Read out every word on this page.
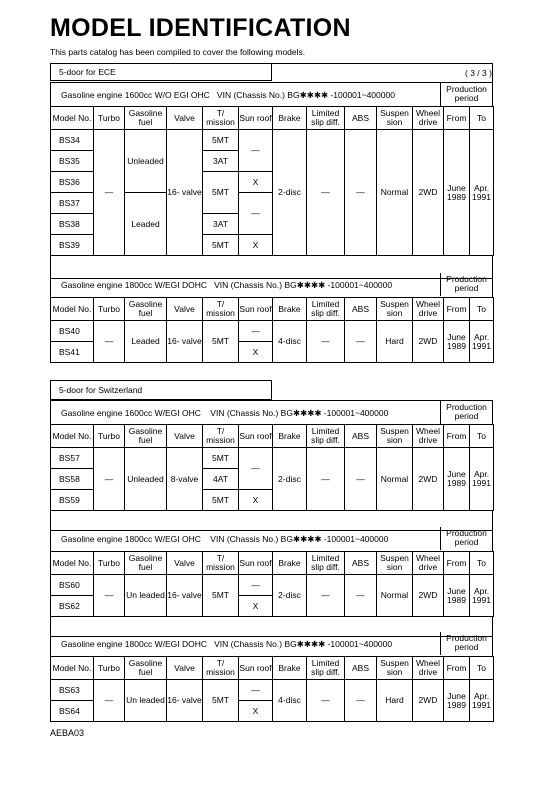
MODEL IDENTIFICATION
This parts catalog has been compiled to cover the following models.
5-door for ECE	( 3 / 3 )
Gasoline engine 1600cc W/O EGI OHC VIN (Chassis No.) BG✱✱✱✱ -100001~400000
Production period
Model No.	Turbo	Gasoline fuel	Valve	T/ mission	Sun roof	Brake	Limited slip diff.	ABS	Suspen sion	Wheel drive	From	To
BS34	—	Unleaded	16- valve	5MT	—	2-disc	—	—	Normal	2WD	June 1989	Apr. 1991
BS35				3AT								
BS36				5MT	X							
BS37		Leaded			—							
BS38				3AT								
BS39				5MT	X							
Gasoline engine 1800cc W/EGI DOHC VIN (Chassis No.) BG✱✱✱✱ -100001~400000
Production period
Model No.	Turbo	Gasoline fuel	Valve	T/ mission	Sun roof	Brake	Limited slip diff.	ABS	Suspen sion	Wheel drive	From	To
BS40	—	Leaded	16- valve	5MT	—	4-disc	—	—	Hard	2WD	June 1989	Apr. 1991
BS41					X							
5-door for Switzerland
Gasoline engine 1600cc W/EGI OHC VIN (Chassis No.) BG✱✱✱✱ -100001~400000
Production period
Model No.	Turbo	Gasoline fuel	Valve	T/ mission	Sun roof	Brake	Limited slip diff.	ABS	Suspen sion	Wheel drive	From	To
BS57	—	Unleaded	8-valve	5MT	—	2-disc	—	—	Normal	2WD	June 1989	Apr. 1991
BS58				4AT								
BS59				5MT	X							
Gasoline engine 1800cc W/EGI OHC VIN (Chassis No.) BG✱✱✱✱ -100001~400000
Production period
Model No.	Turbo	Gasoline fuel	Valve	T/ mission	Sun roof	Brake	Limited slip diff.	ABS	Suspen sion	Wheel drive	From	To
BS60	—	Un leaded	16- valve	5MT	—	2-disc	—	—	Normal	2WD	June 1989	Apr. 1991
BS62					X							
Gasoline engine 1800cc W/EGI DOHC VIN (Chassis No.) BG✱✱✱✱ -100001~400000
Production period
Model No.	Turbo	Gasoline fuel	Valve	T/ mission	Sun roof	Brake	Limited slip diff.	ABS	Suspen sion	Wheel drive	From	To
BS63	—	Un leaded	16- valve	5MT	—	4-disc	—	—	Hard	2WD	June 1989	Apr. 1991
BS64					X							
AEBA03
